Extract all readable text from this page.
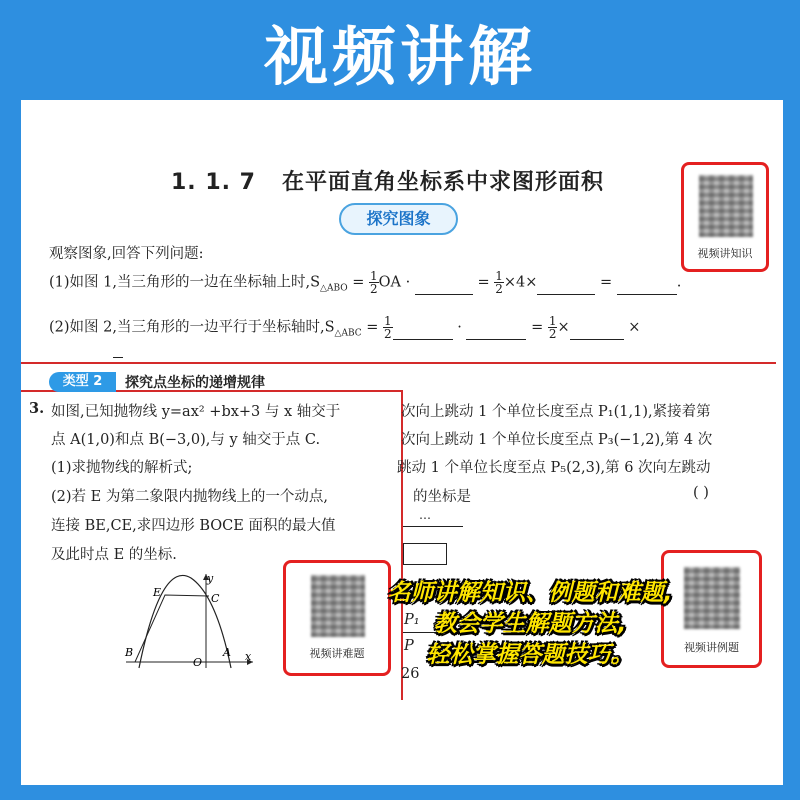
视频讲解
1. 1. 7 在平面直角坐标系中求图形面积
探究图象
视频讲知识
观察图象,回答下列问题:
(1)如图 1,当三角形的一边在坐标轴上时$,S_{\triangle ABO} = \frac{1}{2}$ OA ·	= $\frac{1}{2} \times 4\times$	=	.
(2)如图 2,当三角形的一边平行于坐标轴时$,S_{\triangle ABC} = \frac{1}{2}$	·	= $\frac{1}{2}$ ×	×
类型 2	探究点坐标的递增规律
3. 如图,已知抛物线 y=ax² +bx+3 与 x 轴交于
点 A(1,0)和点 B(−3,0),与 y 轴交于点 C.
(1)求抛物线的解析式;
(2)若 E 为第二象限内抛物线上的一个动点,
连接 BE,CE,求四边形 BOCE 面积的最大值
及此时点 E 的坐标.
y
x
E	C
B
O
A	视频讲难题
次向上跳动 1 个单位长度至点 P₁(1,1),紧接着第
次向上跳动 1 个单位长度至点 P₃(−1,2),第 4 次
跳动 1 个单位长度至点 P₅(2,3),第 6 次向左跳动
的坐标是	( )
…
P₁
P
26
视频讲例题
名师讲解知识、例题和难题,
教会学生解题方法,
轻松掌握答题技巧。
